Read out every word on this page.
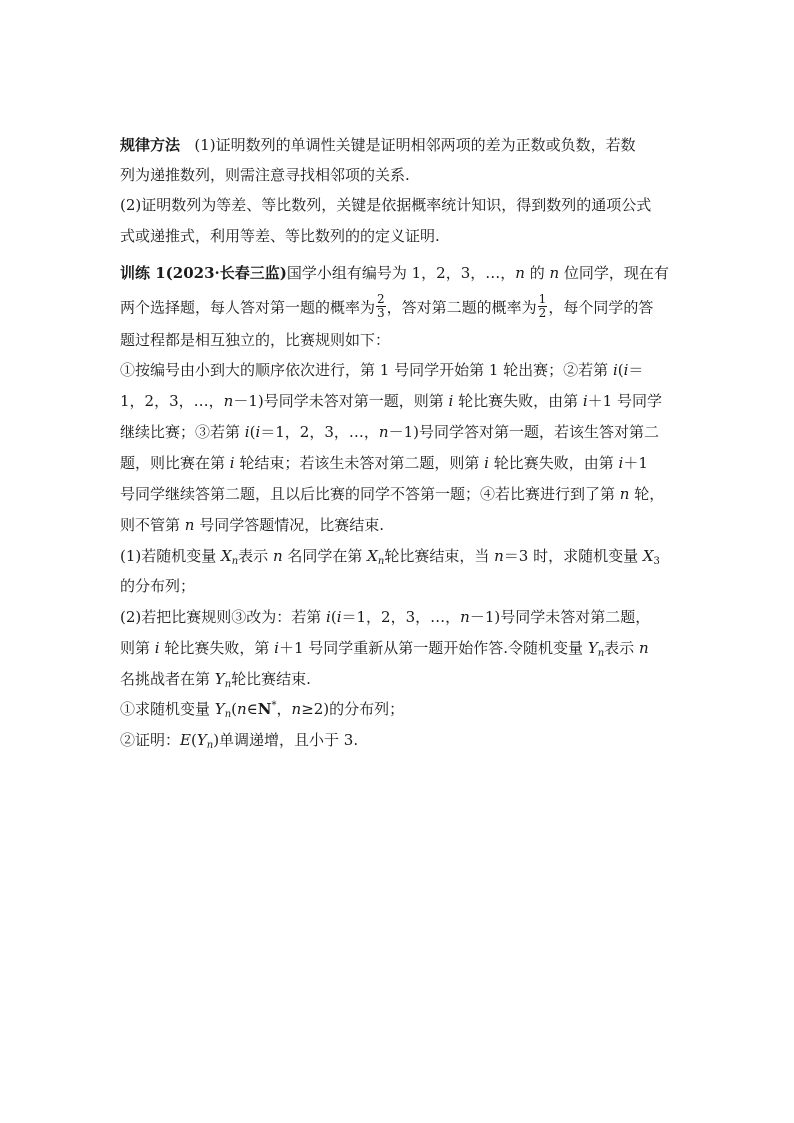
规律方法 (1)证明数列的单调性关键是证明相邻两项的差为正数或负数，若数
列为递推数列，则需注意寻找相邻项的关系.
(2)证明数列为等差、等比数列，关键是依据概率统计知识，得到数列的通项公式
式或递推式，利用等差、等比数列的的定义证明.
训练 1(2023·长春三监)国学小组有编号为 1，2，3，…，n 的 n 位同学，现在有
两个选择题，每人答对第一题的概率为 $\frac{2}{3}$ ，答对第二题的概率为 $\frac{1}{2}$ ，每个同学的答
题过程都是相互独立的，比赛规则如下：
①按编号由小到大的顺序依次进行，第 1 号同学开始第 1 轮出赛；②若第 i(i＝
1，2，3，…，n－1)号同学未答对第一题，则第 i 轮比赛失败，由第 i＋1 号同学
继续比赛；③若第 i(i＝1，2，3，…，n－1)号同学答对第一题，若该生答对第二
题，则比赛在第 i 轮结束；若该生未答对第二题，则第 i 轮比赛失败，由第 i＋1
号同学继续答第二题，且以后比赛的同学不答第一题；④若比赛进行到了第 n 轮，
则不管第 n 号同学答题情况，比赛结束.
(1)若随机变量 $X_n$表示 n 名同学在第 $X_n$轮比赛结束，当 n＝3 时，求随机变量 $X_3$
的分布列；
(2)若把比赛规则③改为：若第 i(i＝1，2，3，…，n－1)号同学未答对第二题，
则第 i 轮比赛失败，第 i＋1 号同学重新从第一题开始作答.令随机变量 $Y_n$表示 n
名挑战者在第 $Y_n$轮比赛结束.
①求随机变量 $Y_n(n\in N^*$，n≥2)的分布列；
②证明：$E(Y_n)$单调递增，且小于 3.
